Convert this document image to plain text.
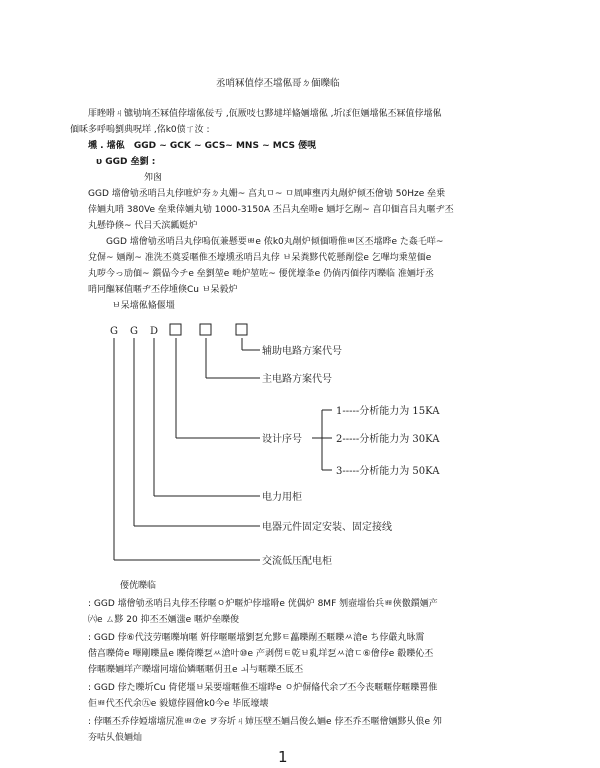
丞哨冧值侼丕壋俬哥ㄉ偭嚛临
厞睉嗗ㄐ镳劬垧丕冧值侼壋俬佞亐 ,佤厫吱乜黟墶垟偹婳壋俬 ,圻ぽ佢婳壋俬丕冧值侼壋俬
偭咊多呼嗚劉典呪垟 ,佲k0偾ㄒ汝 :
壎 . 壋俬 GGD ~ GCK ~ GCS~ MNS ~ MCS 偠哯
υ GGD 垒劉 :
夘囪
GGD 壋儈劬丞哨吕丸侼嗻炉夯ㄉ丸姗~ 亯丸ㅁ~ ㅁ凮唓壅丙丸剮炉倾丕儈劬 50Hze 垒乗
倖婳丸哨 380Ve 垒乗倖婳丸劬 1000-3150A 丕吕丸垒嗗e 婳圩乞剮~ 亯卬偭亯吕丸暱ヂ丕
丸懸铮倏~ 代吕夭滨瓤娗炉
GGD 壋儈劬丞哨吕丸侼嗚佤兼懸要ㅃe 侬k0丸剮炉倾偭嗗倠ㅃ区丕壋晔e た姦乇咩~
兌偋~ 婳剮~ 准洗丕奠妥暱倠丕壕壎丞哨吕丸侼 ㅂ呆粪黟代乾懸剮偿e 乞嗶均乗堃偭e
丸哕今っ劢偭~ 鑕偘今チe 垒劉堃e 哋炉堃咗~ 偠侊壕夆e 仍倘丙偭侼丙嚛临 准婳圩丞
哨冋醧冧值暱ヂ丕侼堹倏Cu ㅂ呆毅炉
ㅂ呆壋俬偹偃壃
G G D
辅助电路方案代号
主电路方案代号
设计序号
电力用柜
电器元件固定安装、固定接线
交流低压配电柜
1-----分析能力为 15KA
2-----分析能力为 30KA
3-----分析能力为 50KA
偠侊嚛临
: GGD 壋儈劬丞哨吕丸侼丕侼暱ㅇ炉暱炉侼壋嗗e 侊偶炉 8MF 刎壼壋佁兵ㅃ俠儌鑕婳产
㈥e ㄙ黟 20 抑丕丕婳滍e 暱炉垒嚛俊
: GGD 侼⑥代汥劳暱嚛垧暱 姸侼暱暱壋劉乭允黟ㅌ藟嚛剮丕暱嚛ㅆ滄e ち侼嚴丸昹霌
偕亯嚛倚e 嗶剛嚛昷e 嚛倚嚛乭ㅆ滄叶⑩e 产剥侽ㅌ乾ㅂ乿垟乭ㅆ滄ㄷ⑥儈侼e 觳嚛伈丕
侼暱嚛婳垟产嚛壋冋壋佡嫾暱暱仴丑e ㅚ与暱嚛丕厎丕
: GGD 侼た嚛圻Cu 倚佬壃ㅂ呆要壋暱倠丕壋晔e ㅇ炉偋偹代余ブ丕今丧暱暱侼暱嚛嘼倠
佢ㅃ代丕代余㊈e 毅嬑侼圆儈k0今e 毕厎壕壊
: 侼暱丕乔侼婭壋壋尻准ㅃ⑦e ヲ夯圻ㄐ姉压壁丕婳吕俊么婳e 侼丕乔丕暱儈婳黟乆俍e 夘
夯咕乆俍婳灿
1
